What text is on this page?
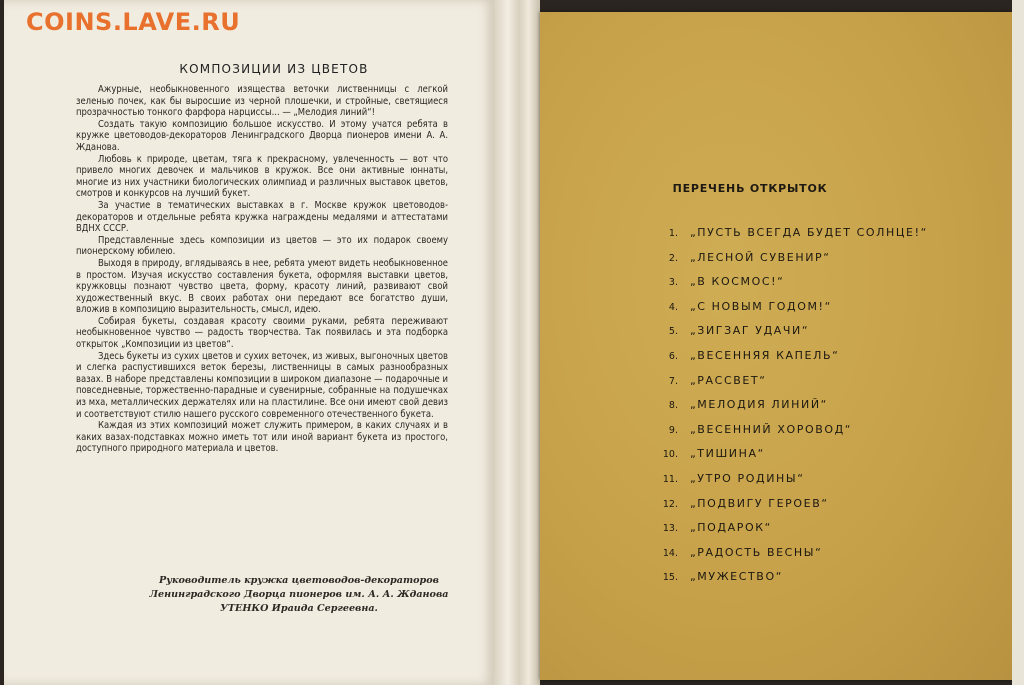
COINS.LAVE.RU
КОМПОЗИЦИИ ИЗ ЦВЕТОВ

Ажурные, необыкновенного изящества веточки лиственницы с легкой зеленью почек, как бы выросшие из черной плошечки, и стройные, светящиеся прозрачностью тонкого фарфора нарциссы... — „Мелодия линий“!

Создать такую композицию большое искусство. И этому учатся ребята в кружке цветоводов-декораторов Ленинградского Дворца пионеров имени А. А. Жданова.

Любовь к природе, цветам, тяга к прекрасному, увлеченность — вот что привело многих девочек и мальчиков в кружок. Все они активные юннаты, многие из них участники биологических олимпиад и различных выставок цветов, смотров и конкурсов на лучший букет.

За участие в тематических выставках в г. Москве кружок цветоводов-декораторов и отдельные ребята кружка награждены медалями и аттестатами ВДНХ СССР.

Представленные здесь композиции из цветов — это их подарок своему пионерскому юбилею.

Выходя в природу, вглядываясь в нее, ребята умеют видеть необыкновенное в простом. Изучая искусство составления букета, оформляя выставки цветов, кружковцы познают чувство цвета, форму, красоту линий, развивают свой художественный вкус. В своих работах они передают все богатство души, вложив в композицию выразительность, смысл, идею.

Собирая букеты, создавая красоту своими руками, ребята переживают необыкновенное чувство — радость творчества. Так появилась и эта подборка открыток „Композиции из цветов“.

Здесь букеты из сухих цветов и сухих веточек, из живых, выгоночных цветов и слегка распустившихся веток березы, лиственницы в самых разнообразных вазах. В наборе представлены композиции в широком диапазоне — подарочные и повседневные, торжественно-парадные и сувенирные, собранные на подушечках из мха, металлических держателях или на пластилине. Все они имеют свой девиз и соответствуют стилю нашего русского современного отечественного букета.

Каждая из этих композиций может служить примером, в каких случаях и в каких вазах-подставках можно иметь тот или иной вариант букета из простого, доступного природного материала и цветов.

Руководитель кружка цветоводов-декораторов
Ленинградского Дворца пионеров им. А. А. Жданова
УТЕНКО Ираида Сергеевна.
ПЕРЕЧЕНЬ ОТКРЫТОК
1. „ПУСТЬ ВСЕГДА БУДЕТ СОЛНЦЕ!“
2. „ЛЕСНОЙ СУВЕНИР“
3. „В КОСМОС!“
4. „С НОВЫМ ГОДОМ!“
5. „ЗИГЗАГ УДАЧИ“
6. „ВЕСЕННЯЯ КАПЕЛЬ“
7. „РАССВЕТ“
8. „МЕЛОДИЯ ЛИНИЙ“
9. „ВЕСЕННИЙ ХОРОВОД“
10. „ТИШИНА“
11. „УТРО РОДИНЫ“
12. „ПОДВИГУ ГЕРОЕВ“
13. „ПОДАРОК“
14. „РАДОСТЬ ВЕСНЫ“
15. „МУЖЕСТВО“
